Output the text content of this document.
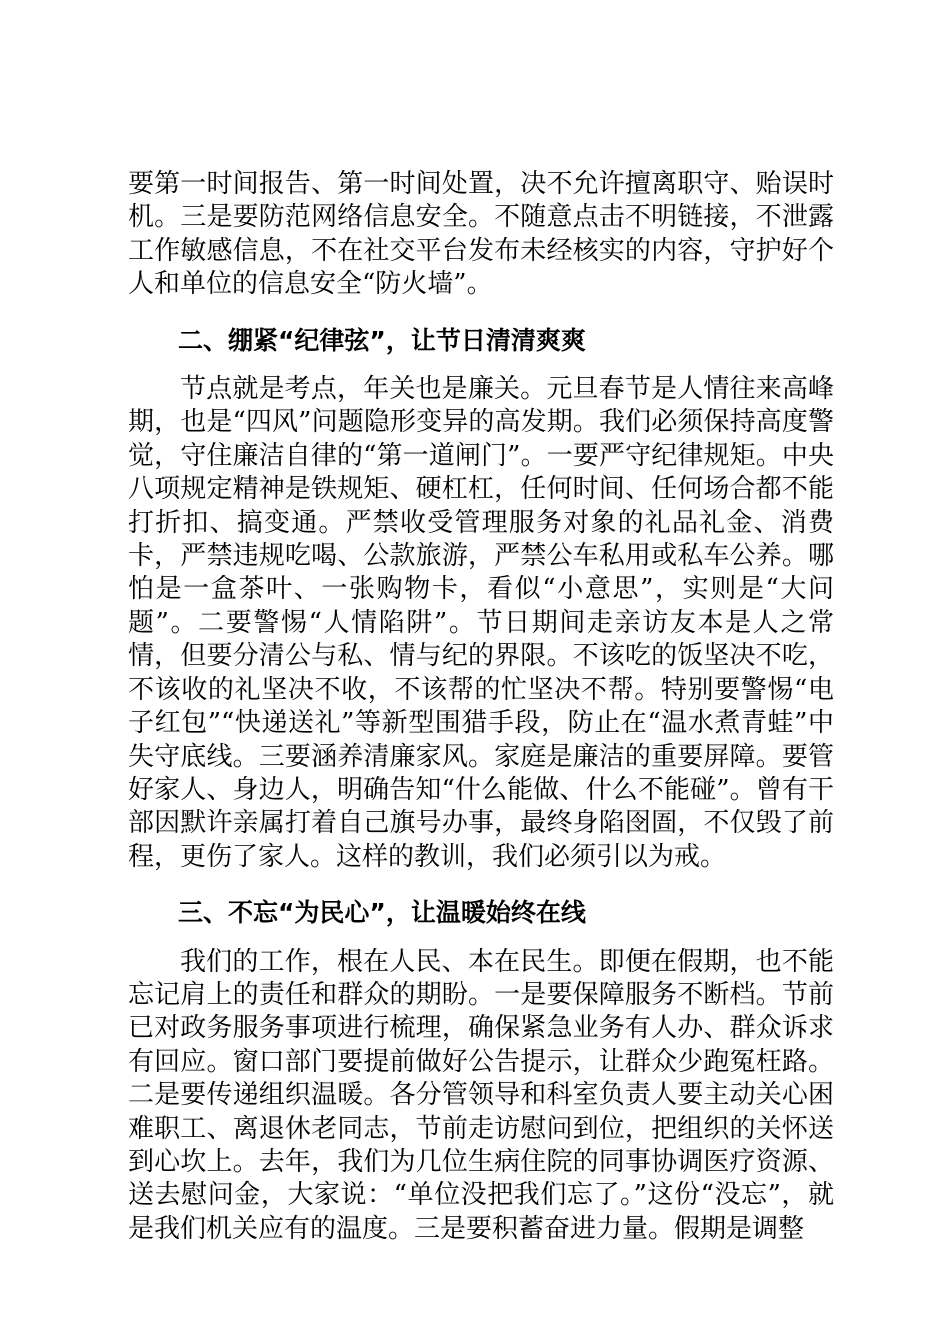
要第一时间报告、第一时间处置，决不允许擅离职守、贻误时机。三是要防范网络信息安全。不随意点击不明链接，不泄露工作敏感信息，不在社交平台发布未经核实的内容，守护好个人和单位的信息安全“防火墙”。

二、绷紧“纪律弦”，让节日清清爽爽

节点就是考点，年关也是廉关。元旦春节是人情往来高峰期，也是“四风”问题隐形变异的高发期。我们必须保持高度警觉，守住廉洁自律的“第一道闸门”。一要严守纪律规矩。中央八项规定精神是铁规矩、硬杠杠，任何时间、任何场合都不能打折扣、搞变通。严禁收受管理服务对象的礼品礼金、消费卡，严禁违规吃喝、公款旅游，严禁公车私用或私车公养。哪怕是一盒茶叶、一张购物卡，看似“小意思”，实则是“大问题”。二要警惕“人情陷阱”。节日期间走亲访友本是人之常情，但要分清公与私、情与纪的界限。不该吃的饭坚决不吃，不该收的礼坚决不收，不该帮的忙坚决不帮。特别要警惕“电子红包”“快递送礼”等新型围猎手段，防止在“温水煮青蛙”中失守底线。三要涵养清廉家风。家庭是廉洁的重要屏障。要管好家人、身边人，明确告知“什么能做、什么不能碰”。曾有干部因默许亲属打着自己旗号办事，最终身陷囹圄，不仅毁了前程，更伤了家人。这样的教训，我们必须引以为戒。

三、不忘“为民心”，让温暖始终在线

我们的工作，根在人民、本在民生。即便在假期，也不能忘记肩上的责任和群众的期盼。一是要保障服务不断档。节前已对政务服务事项进行梳理，确保紧急业务有人办、群众诉求有回应。窗口部门要提前做好公告提示，让群众少跑冤枉路。二是要传递组织温暖。各分管领导和科室负责人要主动关心困难职工、离退休老同志，节前走访慰问到位，把组织的关怀送到心坎上。去年，我们为几位生病住院的同事协调医疗资源、送去慰问金，大家说：“单位没把我们忘了。”这份“没忘”，就是我们机关应有的温度。三是要积蓄奋进力量。假期是调整
